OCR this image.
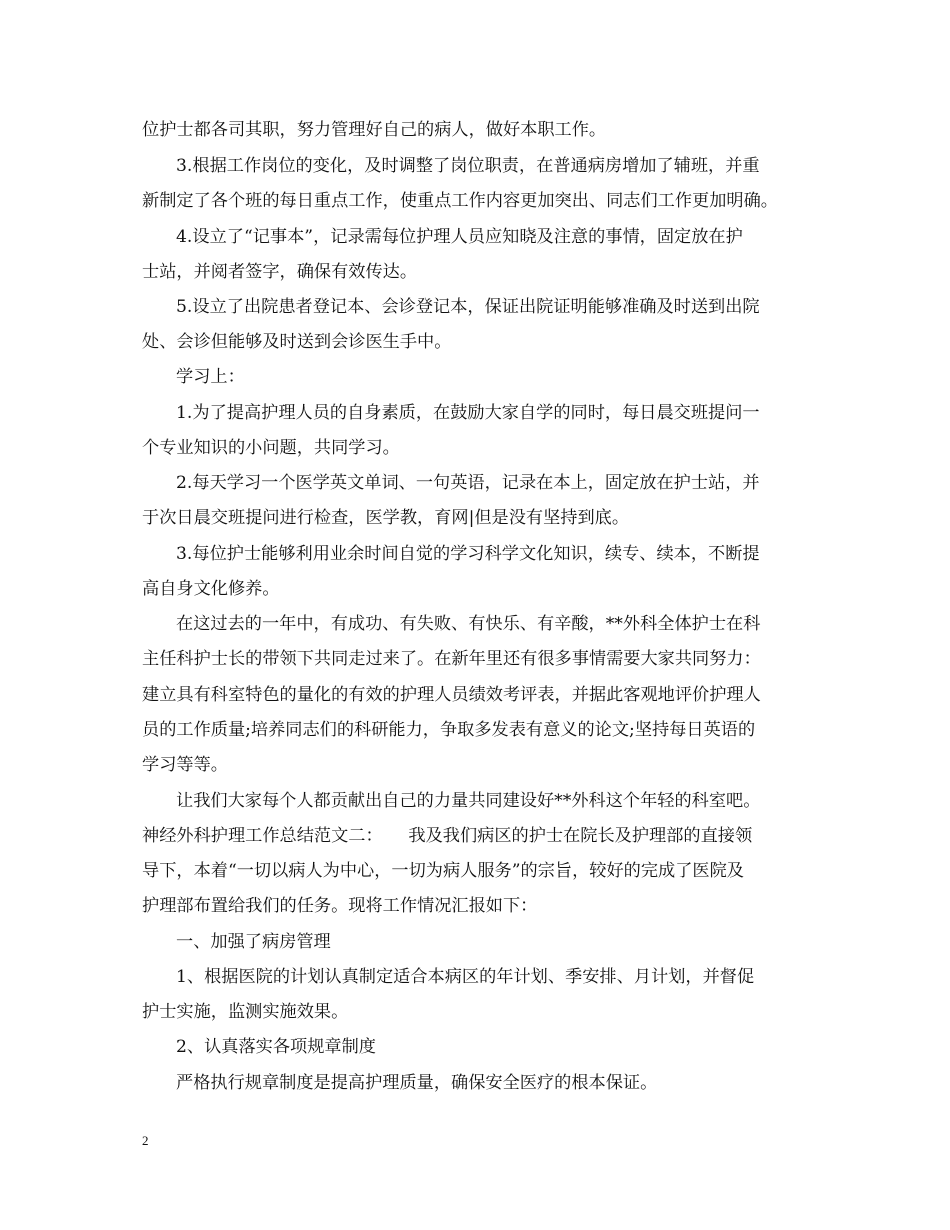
位护士都各司其职，努力管理好自己的病人，做好本职工作。
3.根据工作岗位的变化，及时调整了岗位职责，在普通病房增加了辅班，并重
新制定了各个班的每日重点工作，使重点工作内容更加突出、同志们工作更加明确。
4.设立了“记事本”，记录需每位护理人员应知晓及注意的事情，固定放在护
士站，并阅者签字，确保有效传达。
5.设立了出院患者登记本、会诊登记本，保证出院证明能够准确及时送到出院
处、会诊但能够及时送到会诊医生手中。
学习上：
1.为了提高护理人员的自身素质，在鼓励大家自学的同时，每日晨交班提问一
个专业知识的小问题，共同学习。
2.每天学习一个医学英文单词、一句英语，记录在本上，固定放在护士站，并
于次日晨交班提问进行检查，医学教，育网|但是没有坚持到底。
3.每位护士能够利用业余时间自觉的学习科学文化知识，续专、续本，不断提
高自身文化修养。
在这过去的一年中，有成功、有失败、有快乐、有辛酸，**外科全体护士在科
主任科护士长的带领下共同走过来了。在新年里还有很多事情需要大家共同努力：
建立具有科室特色的量化的有效的护理人员绩效考评表，并据此客观地评价护理人
员的工作质量;培养同志们的科研能力，争取多发表有意义的论文;坚持每日英语的
学习等等。
让我们大家每个人都贡献出自己的力量共同建设好**外科这个年轻的科室吧。
神经外科护理工作总结范文二：　　我及我们病区的护士在院长及护理部的直接领
导下，本着“一切以病人为中心，一切为病人服务”的宗旨，较好的完成了医院及
护理部布置给我们的任务。现将工作情况汇报如下：
一、加强了病房管理
1、根据医院的计划认真制定适合本病区的年计划、季安排、月计划，并督促
护士实施，监测实施效果。
2、认真落实各项规章制度
严格执行规章制度是提高护理质量，确保安全医疗的根本保证。
2
